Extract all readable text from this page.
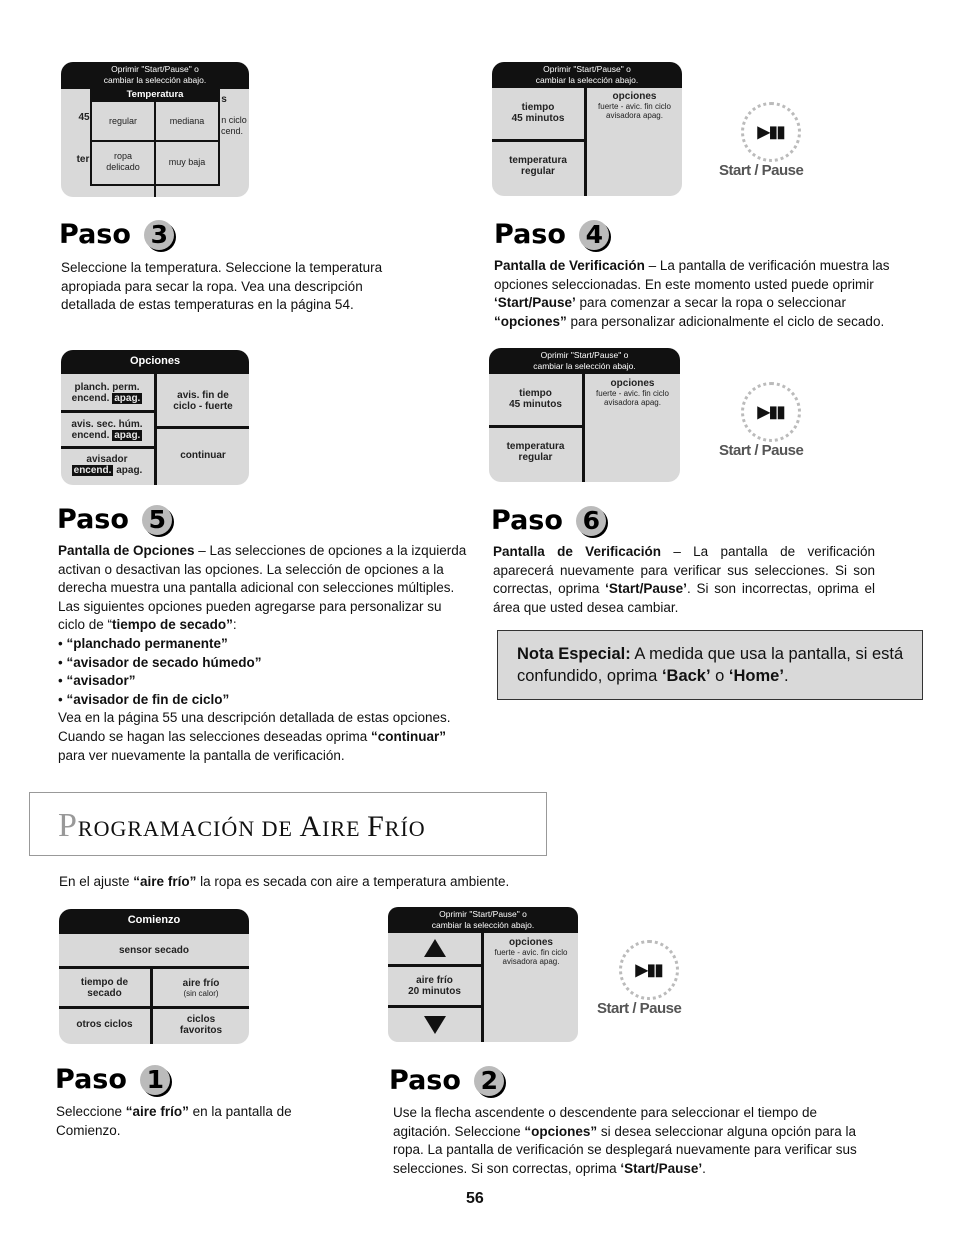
Oprimir "Start/Pause" o
cambiar la selección abajo.
45
ter
s
n ciclo
cend.
Temperatura
regular	mediana
ropa
delicado
muy baja
Oprimir "Start/Pause" o
cambiar la selección abajo.
tiempo
45 minutos
temperatura
regular
opciones
fuerte - avic. fin ciclo
avisadora apag.
▶▮▮
Start / Pause
Paso 3
Seleccione la temperatura. Seleccione la temperatura apropiada para secar la ropa. Vea una descripción detallada de estas temperaturas en la página 54.
Paso 4
Pantalla de Verificación – La pantalla de verificación muestra las opciones seleccionadas. En este momento usted puede oprimir ‘Start/Pause’ para comenzar a secar la ropa o seleccionar “opciones” para personalizar adicionalmente el ciclo de secado.
Opciones
planch. perm.
encend. apag.
avis. sec. húm.
encend. apag.
avisador
encend. apag.
avis. fin de
ciclo - fuerte
continuar
Oprimir "Start/Pause" o
cambiar la selección abajo.
tiempo
45 minutos
temperatura
regular
opciones
fuerte - avic. fin ciclo
avisadora apag.
▶▮▮
Start / Pause
Paso 5
Pantalla de Opciones – Las selecciones de opciones a la izquierda activan o desactivan las opciones. La selección de opciones a la derecha muestra una pantalla adicional con selecciones múltiples. Las siguientes opciones pueden agregarse para personalizar su ciclo de “tiempo de secado”:
• “planchado permanente”
• “avisador de secado húmedo”
• “avisador”
• “avisador de fin de ciclo”
Vea en la página 55 una descripción detallada de estas opciones. Cuando se hagan las selecciones deseadas oprima “continuar” para ver nuevamente la pantalla de verificación.
Paso 6
Pantalla de Verificación – La pantalla de verificación aparecerá nuevamente para verificar sus selecciones. Si son correctas, oprima ‘Start/Pause’. Si son incorrectas, oprima el área que usted desea cambiar.
Nota Especial: A medida que usa la pantalla, si está confundido, oprima ‘Back’ o ‘Home’.
PROGRAMACIÓN DE AIRE FRÍO
En el ajuste “aire frío” la ropa es secada con aire a temperatura ambiente.
Comienzo
sensor secado
tiempo de
secado
aire frío
(sin calor)
otros ciclos	ciclos
favoritos
Oprimir "Start/Pause" o
cambiar la selección abajo.
aire frío
20 minutos
opciones
fuerte - avic. fin ciclo
avisadora apag.
▶▮▮
Start / Pause
Paso 1
Seleccione “aire frío” en la pantalla de Comienzo.
Paso 2
Use la flecha ascendente o descendente para seleccionar el tiempo de agitación. Seleccione “opciones” si desea seleccionar alguna opción para la ropa. La pantalla de verificación se desplegará nuevamente para verificar sus selecciones. Si son correctas, oprima ‘Start/Pause’.
56
